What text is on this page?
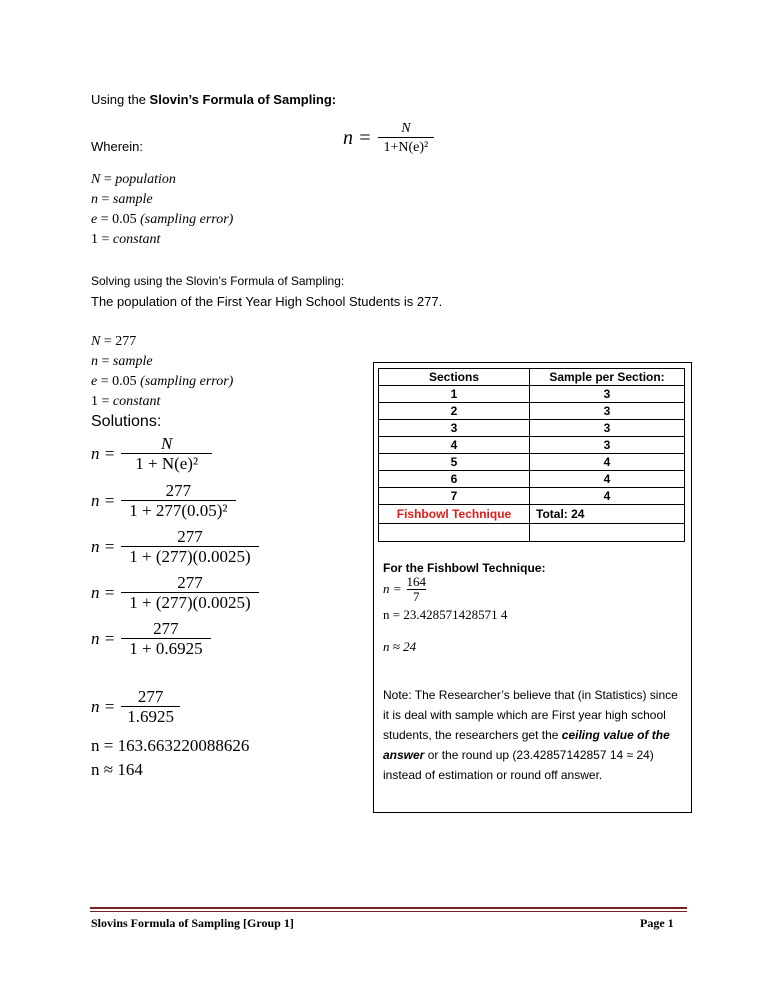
Using the Slovin’s Formula of Sampling:
Wherein:	$n = \frac{N}{\text{1+N(e)²}}$
N = population
n = sample
e = 0.05 (sampling error)
1 = constant
Solving using the Slovin’s Formula of Sampling:
The population of the First Year High School Students is 277.
N = 277
n = sample
e = 0.05 (sampling error)
1 = constant
Solutions:
$n = \frac{N}{\text{1 + N(e)²}}$
$n = \frac{277}{\text{1 + 277(0.05)²}}$
$n = \frac{277}{1 + (277)(0.0025)}$
$n = \frac{277}{1 + (277)(0.0025)}$
$n = \frac{277}{1 + 0.6925}$
$n = \frac{277}{1.6925}$
n = 163.663220088626
n ≈ 164
Sections	Sample per Section:
1	3
2	3
3	3
4	3
5	4
6	4
7	4
Fishbowl Technique	Total: 24

For the Fishbowl Technique:
$n = \frac{164}{7}$
n = 23.428571428571 4
n ≈ 24
Note: The Researcher’s believe that (in Statistics) since it is deal with sample which are First year high school students, the researchers get the ceiling value of the answer or the round up (23.42857142857 14 ≈ 24) instead of estimation or round off answer.
Slovins Formula of Sampling [Group 1]	Page 1
